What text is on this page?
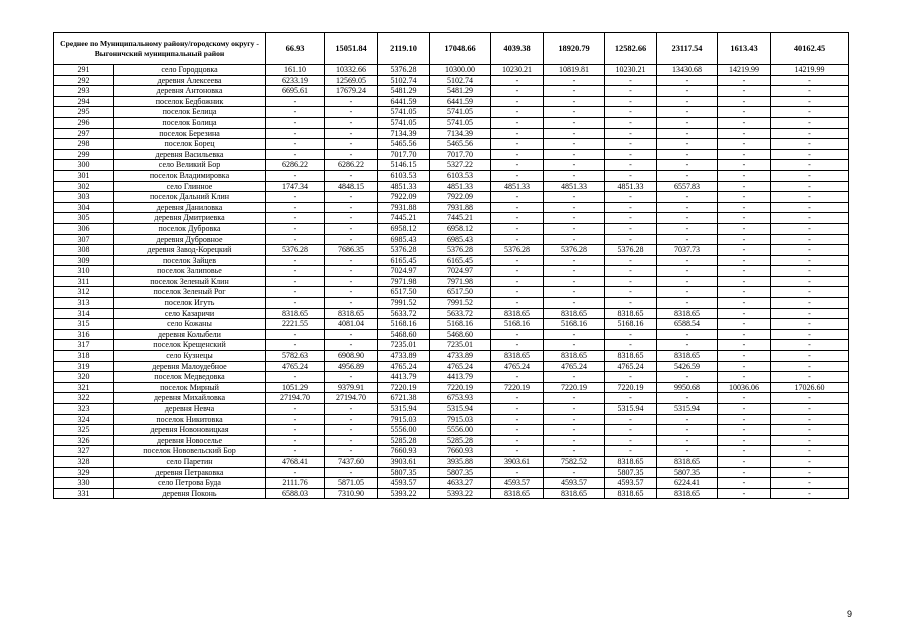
Среднее по Муниципальному району/городскому округу - Выгоничский муниципальный район		66.93	15051.84	2119.10	17048.66	4039.38	18920.79	12582.66	23117.54	1613.43	40162.45
291	село Городцовка	161.10	10332.66	5376.28	10300.00	10230.21	10819.81	10230.21	13430.68	14219.99	14219.99
292	деревня Алексеева	6233.19	12569.05	5102.74	5102.74	-	-	-	-	-	-
293	деревня Антоновка	6695.61	17679.24	5481.29	5481.29	-	-	-	-	-	-
294	поселок Бедбожник	-	-	6441.59	6441.59	-	-	-	-	-	-
295	поселок Белица	-	-	5741.05	5741.05	-	-	-	-	-	-
296	поселок Болица	-	-	5741.05	5741.05	-	-	-	-	-	-
297	поселок Березина	-	-	7134.39	7134.39	-	-	-	-	-	-
298	поселок Борец	-	-	5465.56	5465.56	-	-	-	-	-	-
299	деревня Васильевка	-	-	7017.70	7017.70	-	-	-	-	-	-
300	село Великий Бор	6286.22	6286.22	5146.15	5327.22	-	-	-	-	-	-
301	поселок Владимировка	-	-	6103.53	6103.53	-	-	-	-	-	-
302	село Глинное	1747.34	4848.15	4851.33	4851.33	4851.33	4851.33	4851.33	6557.83	-	-
303	поселок Дальний Клин	-	-	7922.09	7922.09	-	-	-	-	-	-
304	деревня Даниловка	-	-	7931.88	7931.88	-	-	-	-	-	-
305	деревня Дмитриевка	-	-	7445.21	7445.21	-	-	-	-	-	-
306	поселок Дубровка	-	-	6958.12	6958.12	-	-	-	-	-	-
307	деревня Дубровное	-	-	6985.43	6985.43	-	-	-	-	-	-
308	деревня Завод-Корецкий	5376.28	7686.35	5376.28	5376.28	5376.28	5376.28	5376.28	7037.73	-	-
309	поселок Зайцев	-	-	6165.45	6165.45	-	-	-	-	-	-
310	поселок Залиповье	-	-	7024.97	7024.97	-	-	-	-	-	-
311	поселок Зеленый Клин	-	-	7971.98	7971.98	-	-	-	-	-	-
312	поселок Зеленый Рог	-	-	6517.50	6517.50	-	-	-	-	-	-
313	поселок Игуть	-	-	7991.52	7991.52	-	-	-	-	-	-
314	село Казаричи	8318.65	8318.65	5633.72	5633.72	8318.65	8318.65	8318.65	8318.65	-	-
315	село Кожаны	2221.55	4081.04	5168.16	5168.16	5168.16	5168.16	5168.16	6588.54	-	-
316	деревня Колыбели	-	-	5468.60	5468.60	-	-	-	-	-	-
317	поселок Крещенский	-	-	7235.01	7235.01	-	-	-	-	-	-
318	село Кузнецы	5782.63	6908.90	4733.89	4733.89	8318.65	8318.65	8318.65	8318.65	-	-
319	деревня Малоудебное	4765.24	4956.89	4765.24	4765.24	4765.24	4765.24	4765.24	5426.59	-	-
320	поселок Медведовка	-	-	4413.79	4413.79	-	-	-	-	-	-
321	поселок Мирный	1051.29	9379.91	7220.19	7220.19	7220.19	7220.19	7220.19	9950.68	10036.06	17026.60
322	деревня Михайловка	27194.70	27194.70	6721.38	6753.93	-	-	-	-	-	-
323	деревня Невча	-	-	5315.94	5315.94	-	-	5315.94	5315.94	-	-
324	поселок Никитовка	-	-	7915.03	7915.03	-	-	-	-	-	-
325	деревня Новоновицкая	-	-	5556.00	5556.00	-	-	-	-	-	-
326	деревня Новоселье	-	-	5285.28	5285.28	-	-	-	-	-	-
327	поселок Нововельский Бор	-	-	7660.93	7660.93	-	-	-	-	-	-
328	село Паретин	4768.41	7437.60	3903.61	3935.88	3903.61	7582.52	8318.65	8318.65	-	-
329	деревня Петраковка	-	-	5807.35	5807.35	-	-	5807.35	5807.35	-	-
330	село Петрова Буда	2111.76	5871.05	4593.57	4633.27	4593.57	4593.57	4593.57	6224.41	-	-
331	деревня Поконь	6588.03	7310.90	5393.22	5393.22	8318.65	8318.65	8318.65	8318.65	-	-
9
